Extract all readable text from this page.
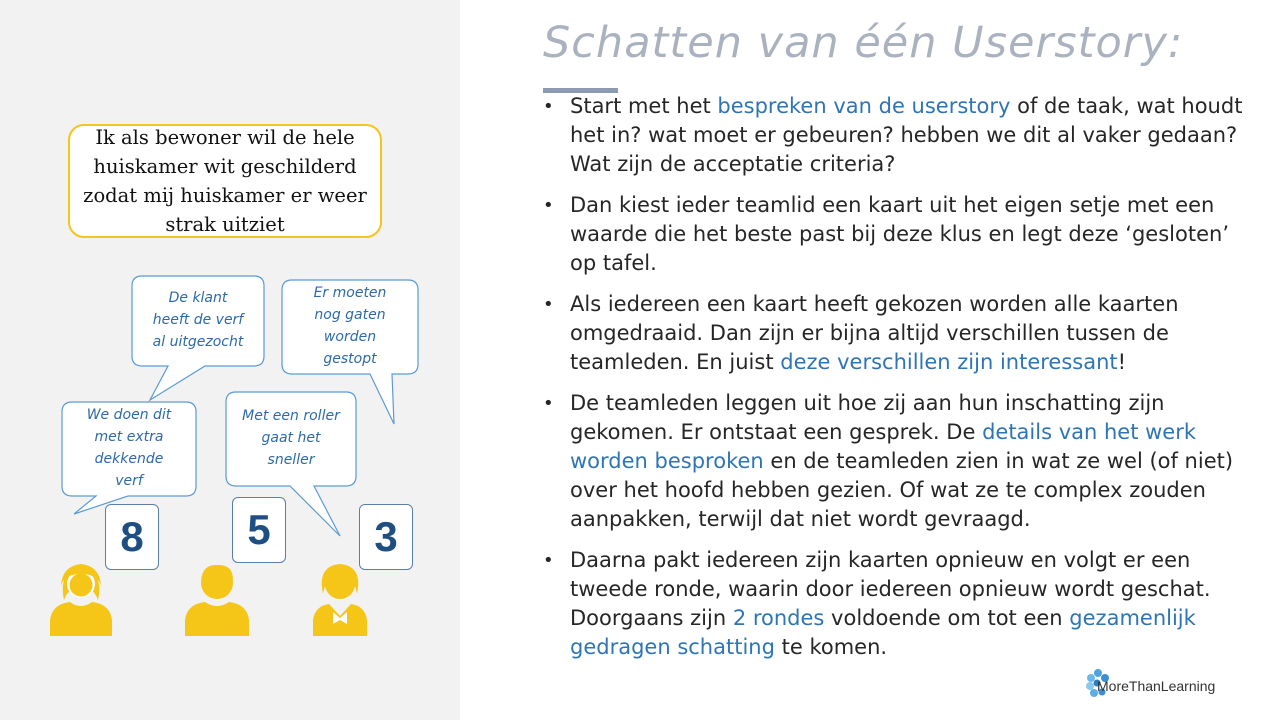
Ik als bewoner wil de hele huiskamer wit geschilderd zodat mij huiskamer er weer strak uitziet
De klant
heeft de verf
al uitgezocht
Er moeten
nog gaten
worden
gestopt
We doen dit
met extra
dekkende
verf
Met een roller
gaat het
sneller
8	5	3
Schatten van één Userstory:
• Start met het bespreken van de userstory of de taak, wat houdt het in? wat moet er gebeuren? hebben we dit al vaker gedaan? Wat zijn de acceptatie criteria?
• Dan kiest ieder teamlid een kaart uit het eigen setje met een waarde die het beste past bij deze klus en legt deze ‘gesloten’ op tafel.
• Als iedereen een kaart heeft gekozen worden alle kaarten omgedraaid. Dan zijn er bijna altijd verschillen tussen de teamleden. En juist deze verschillen zijn interessant!
• De teamleden leggen uit hoe zij aan hun inschatting zijn gekomen. Er ontstaat een gesprek. De details van het werk worden besproken en de teamleden zien in wat ze wel (of niet) over het hoofd hebben gezien. Of wat ze te complex zouden aanpakken, terwijl dat niet wordt gevraagd.
• Daarna pakt iedereen zijn kaarten opnieuw en volgt er een tweede ronde, waarin door iedereen opnieuw wordt geschat. Doorgaans zijn 2 rondes voldoende om tot een gezamenlijk gedragen schatting te komen.
MoreThanLearning
